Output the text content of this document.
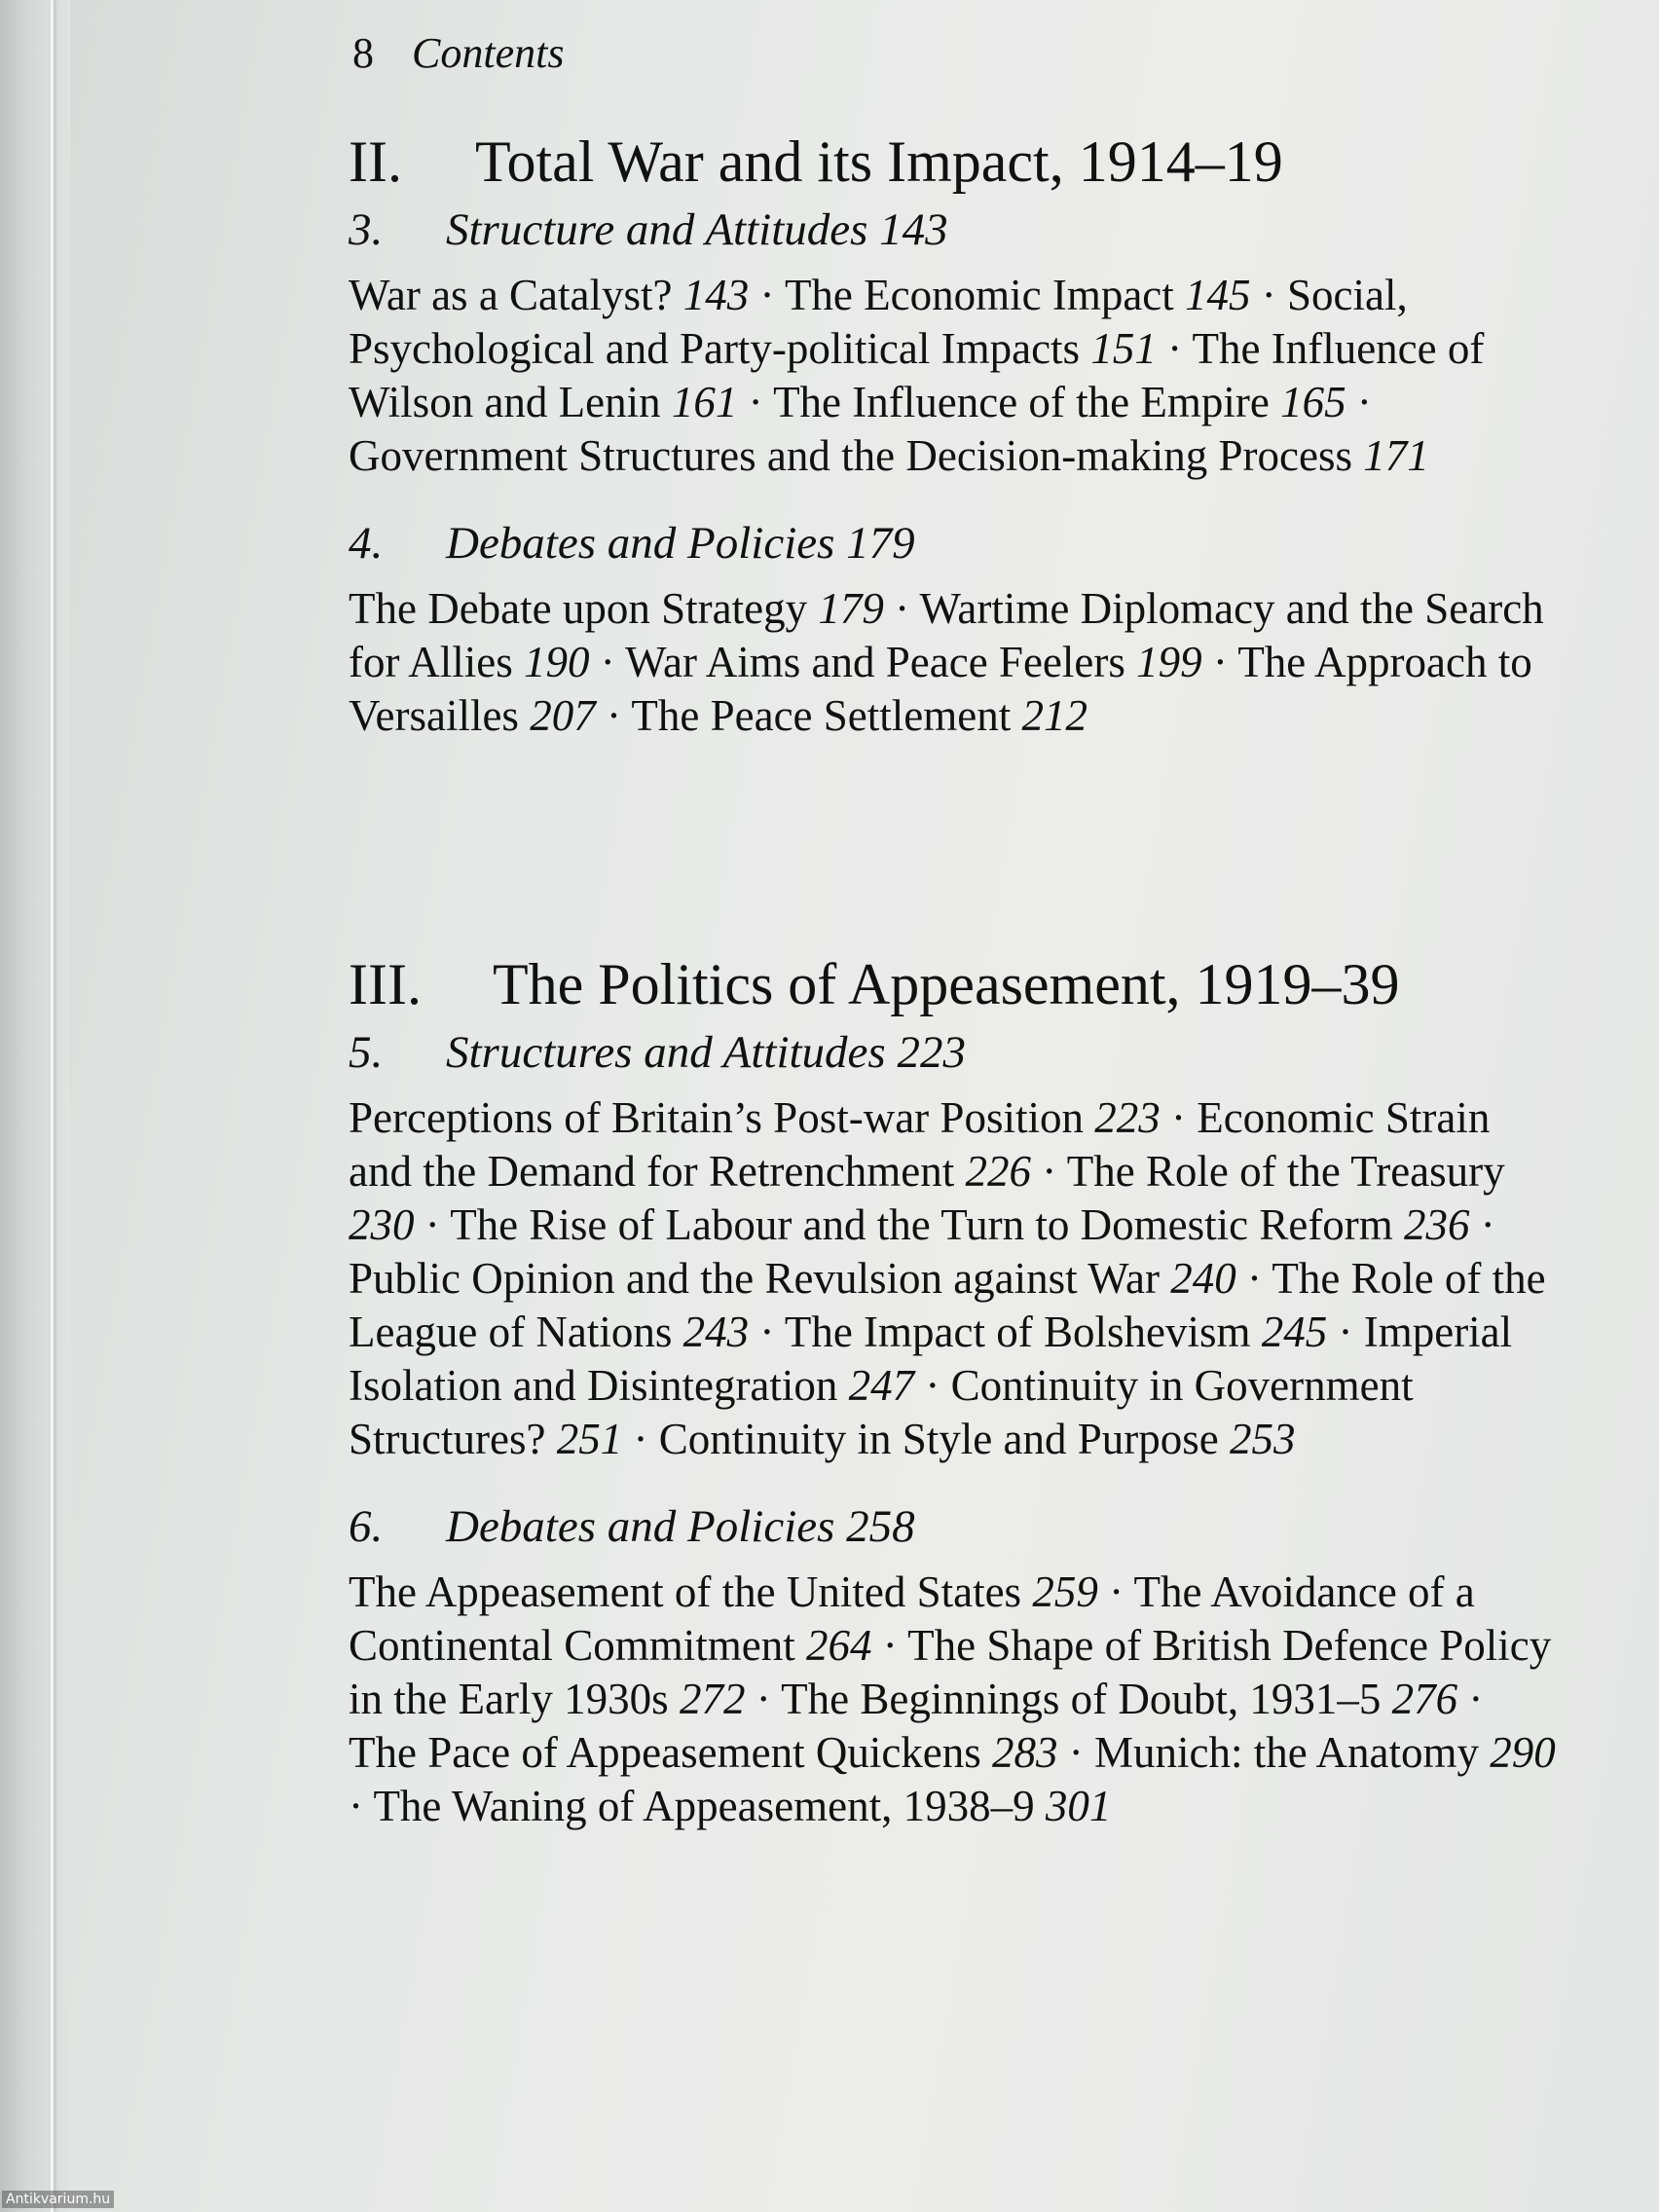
8 Contents
II. Total War and its Impact, 1914–19
3. Structure and Attitudes 143

War as a Catalyst? 143 · The Economic Impact 145 · Social, Psychological and Party-political Impacts 151 · The Influence of Wilson and Lenin 161 · The Influence of the Empire 165 · Government Structures and the Decision-making Process 171

4. Debates and Policies 179

The Debate upon Strategy 179 · Wartime Diplomacy and the Search for Allies 190 · War Aims and Peace Feelers 199 · The Approach to Versailles 207 · The Peace Settlement 212

III. The Politics of Appeasement, 1919–39
5. Structures and Attitudes 223

Perceptions of Britain’s Post-war Position 223 · Economic Strain and the Demand for Retrenchment 226 · The Role of the Treasury 230 · The Rise of Labour and the Turn to Domestic Reform 236 · Public Opinion and the Revulsion against War 240 · The Role of the League of Nations 243 · The Impact of Bolshevism 245 · Imperial Isolation and Disintegration 247 · Continuity in Government Structures? 251 · Continuity in Style and Purpose 253

6. Debates and Policies 258

The Appeasement of the United States 259 · The Avoidance of a Continental Commitment 264 · The Shape of British Defence Policy in the Early 1930s 272 · The Beginnings of Doubt, 1931–5 276 · The Pace of Appeasement Quickens 283 · Munich: the Anatomy 290 · The Waning of Appeasement, 1938–9 301

Antikvarium.hu
